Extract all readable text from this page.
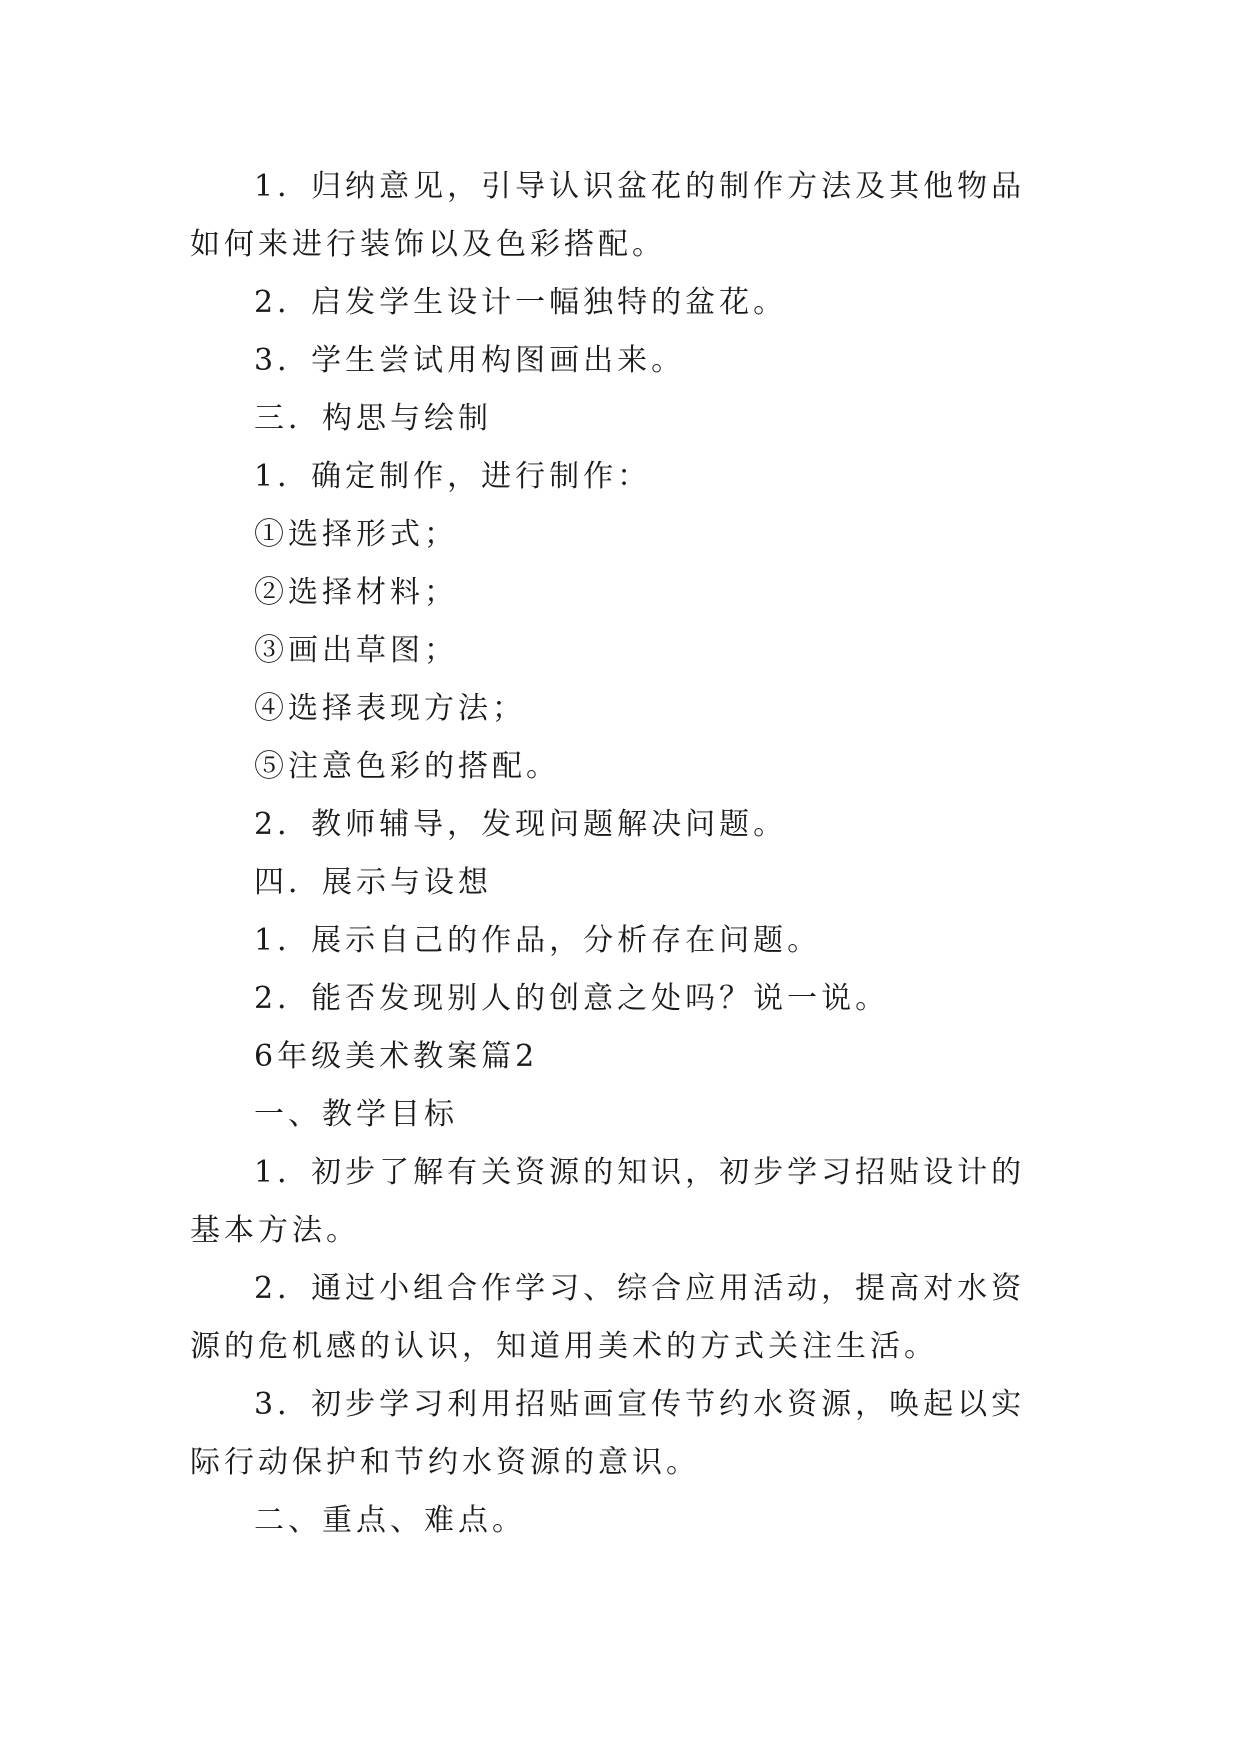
1．归纳意见，引导认识盆花的制作方法及其他物品如何来进行装饰以及色彩搭配。

2．启发学生设计一幅独特的盆花。

3．学生尝试用构图画出来。

三．构思与绘制

1．确定制作，进行制作：

①选择形式；

②选择材料；

③画出草图；

④选择表现方法；

⑤注意色彩的搭配。

2．教师辅导，发现问题解决问题。

四．展示与设想

1．展示自己的作品，分析存在问题。

2．能否发现别人的创意之处吗？说一说。

6年级美术教案篇2

一、教学目标

1．初步了解有关资源的知识，初步学习招贴设计的基本方法。

2．通过小组合作学习、综合应用活动，提高对水资源的危机感的认识，知道用美术的方式关注生活。

3．初步学习利用招贴画宣传节约水资源，唤起以实际行动保护和节约水资源的意识。

二、重点、难点。
